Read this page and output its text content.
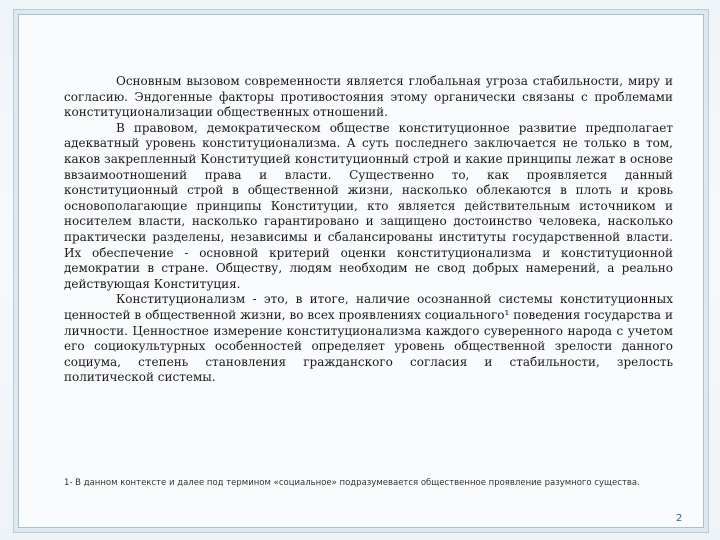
Основным вызовом современности является глобальная угроза стабильности, миру и согласию. Эндогенные факторы противостояния этому органически связаны с проблемами конституционализации общественных отношений.

В правовом, демократическом обществе конституционное развитие предполагает адекватный уровень конституционализма. А суть последнего заключается не только в том, каков закрепленный Конституцией конституционный строй и какие принципы лежат в основе ввзаимоотношений права и власти. Существенно то, как проявляется данный конституционный строй в общественной жизни, насколько облекаются в плоть и кровь основополагающие принципы Конституции, кто является действительным источником и носителем власти, насколько гарантировано и защищено достоинство человека, насколько практически разделены, независимы и сбалансированы институты государственной власти. Их обеспечение - основной критерий оценки конституционализма и конституционной демократии в стране. Обществу, людям необходим не свод добрых намерений, а реально действующая Конституция.

Конституционализм - это, в итоге, наличие осознанной системы конституционных ценностей в общественной жизни, во всех проявлениях социального¹ поведения государства и личности. Ценностное измерение конституционализма каждого суверенного народа с учетом его социокультурных особенностей определяет уровень общественной зрелости данного социума, степень становления гражданского согласия и стабильности, зрелость политической системы.

1- В данном контексте и далее под термином «социальное» подразумевается общественное проявление разумного существа.
2
